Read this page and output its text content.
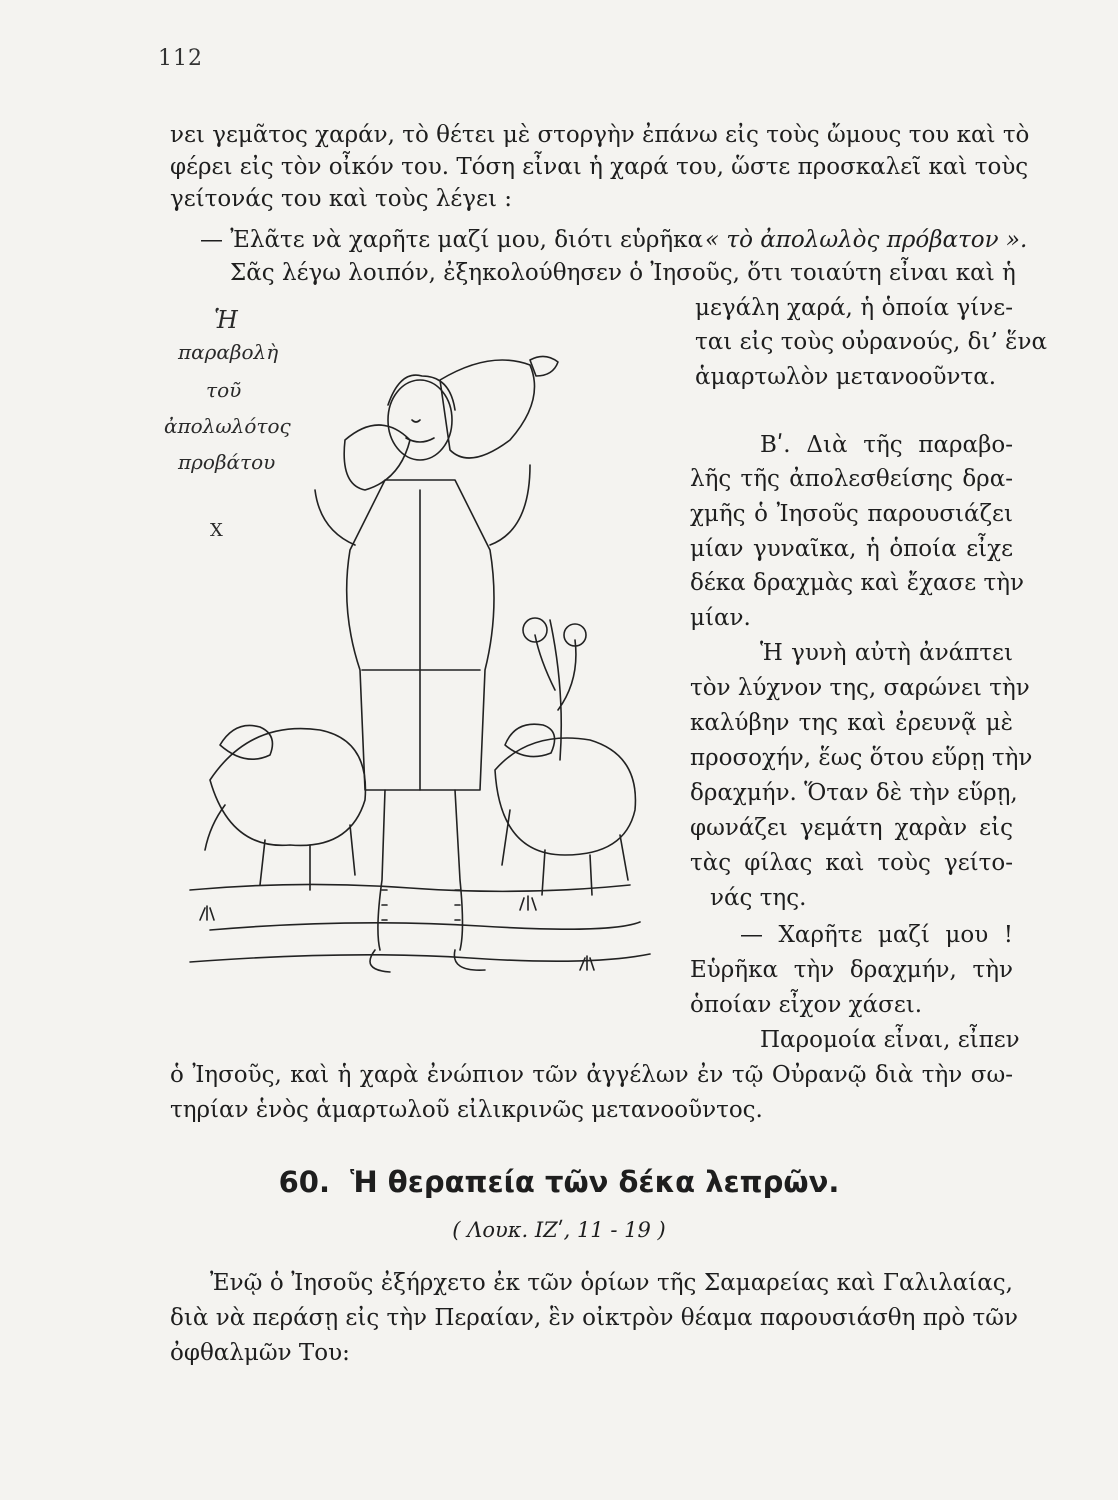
112
νει γεμᾶτος χαράν, τὸ θέτει μὲ στοργὴν ἐπάνω εἰς τοὺς ὤμους του καὶ τὸ
φέρει εἰς τὸν οἶκόν του. Τόση εἶναι ἡ χαρά του, ὥστε προσκαλεῖ καὶ τοὺς
γείτονάς του καὶ τοὺς λέγει :
— Ἐλᾶτε νὰ χαρῆτε μαζί μου, διότι εὑρῆκα « τὸ ἀπολωλὸς πρόβατον ».
Σᾶς λέγω λοιπόν, ἐξηκολούθησεν ὁ Ἰησοῦς, ὅτι τοιαύτη εἶναι καὶ ἡ
μεγάλη χαρά, ἡ ὁποία γίνε-
ται εἰς τοὺς οὐρανούς, δι’ ἕνα
ἁμαρτωλὸν μετανοοῦντα.
Βʹ. Διὰ τῆς παραβο-
λῆς τῆς ἀπολεσθείσης δρα-
χμῆς ὁ Ἰησοῦς παρουσιάζει
μίαν γυναῖκα, ἡ ὁποία εἶχε
δέκα δραχμὰς καὶ ἔχασε τὴν
μίαν.
Ἡ γυνὴ αὐτὴ ἀνάπτει
τὸν λύχνον της, σαρώνει τὴν
καλύβην της καὶ ἐρευνᾷ μὲ
προσοχήν, ἕως ὅτου εὕρῃ τὴν
δραχμήν. Ὅταν δὲ τὴν εὕρῃ,
φωνάζει γεμάτη χαρὰν εἰς
τὰς φίλας καὶ τοὺς γείτο-
νάς της.
— Χαρῆτε μαζί μου !
Εὑρῆκα τὴν δραχμήν, τὴν
ὁποίαν εἶχον χάσει.
Παρομοία εἶναι, εἶπεν
ὁ Ἰησοῦς, καὶ ἡ χαρὰ ἐνώπιον τῶν ἀγγέλων ἐν τῷ Οὐρανῷ διὰ τὴν σω-
τηρίαν ἑνὸς ἁμαρτωλοῦ εἰλικρινῶς μετανοοῦντος.
60. Ἡ θεραπεία τῶν δέκα λεπρῶν.
( Λουκ. ΙΖʹ, 11 - 19 )
Ἐνῷ ὁ Ἰησοῦς ἐξήρχετο ἐκ τῶν ὁρίων τῆς Σαμαρείας καὶ Γαλιλαίας,
διὰ νὰ περάσῃ εἰς τὴν Περαίαν, ἓν οἰκτρὸν θέαμα παρουσιάσθη πρὸ τῶν
ὀφθαλμῶν Του:
Ἡ
παραβολὴ
τοῦ
ἀπολωλότος
προβάτου
Χ
